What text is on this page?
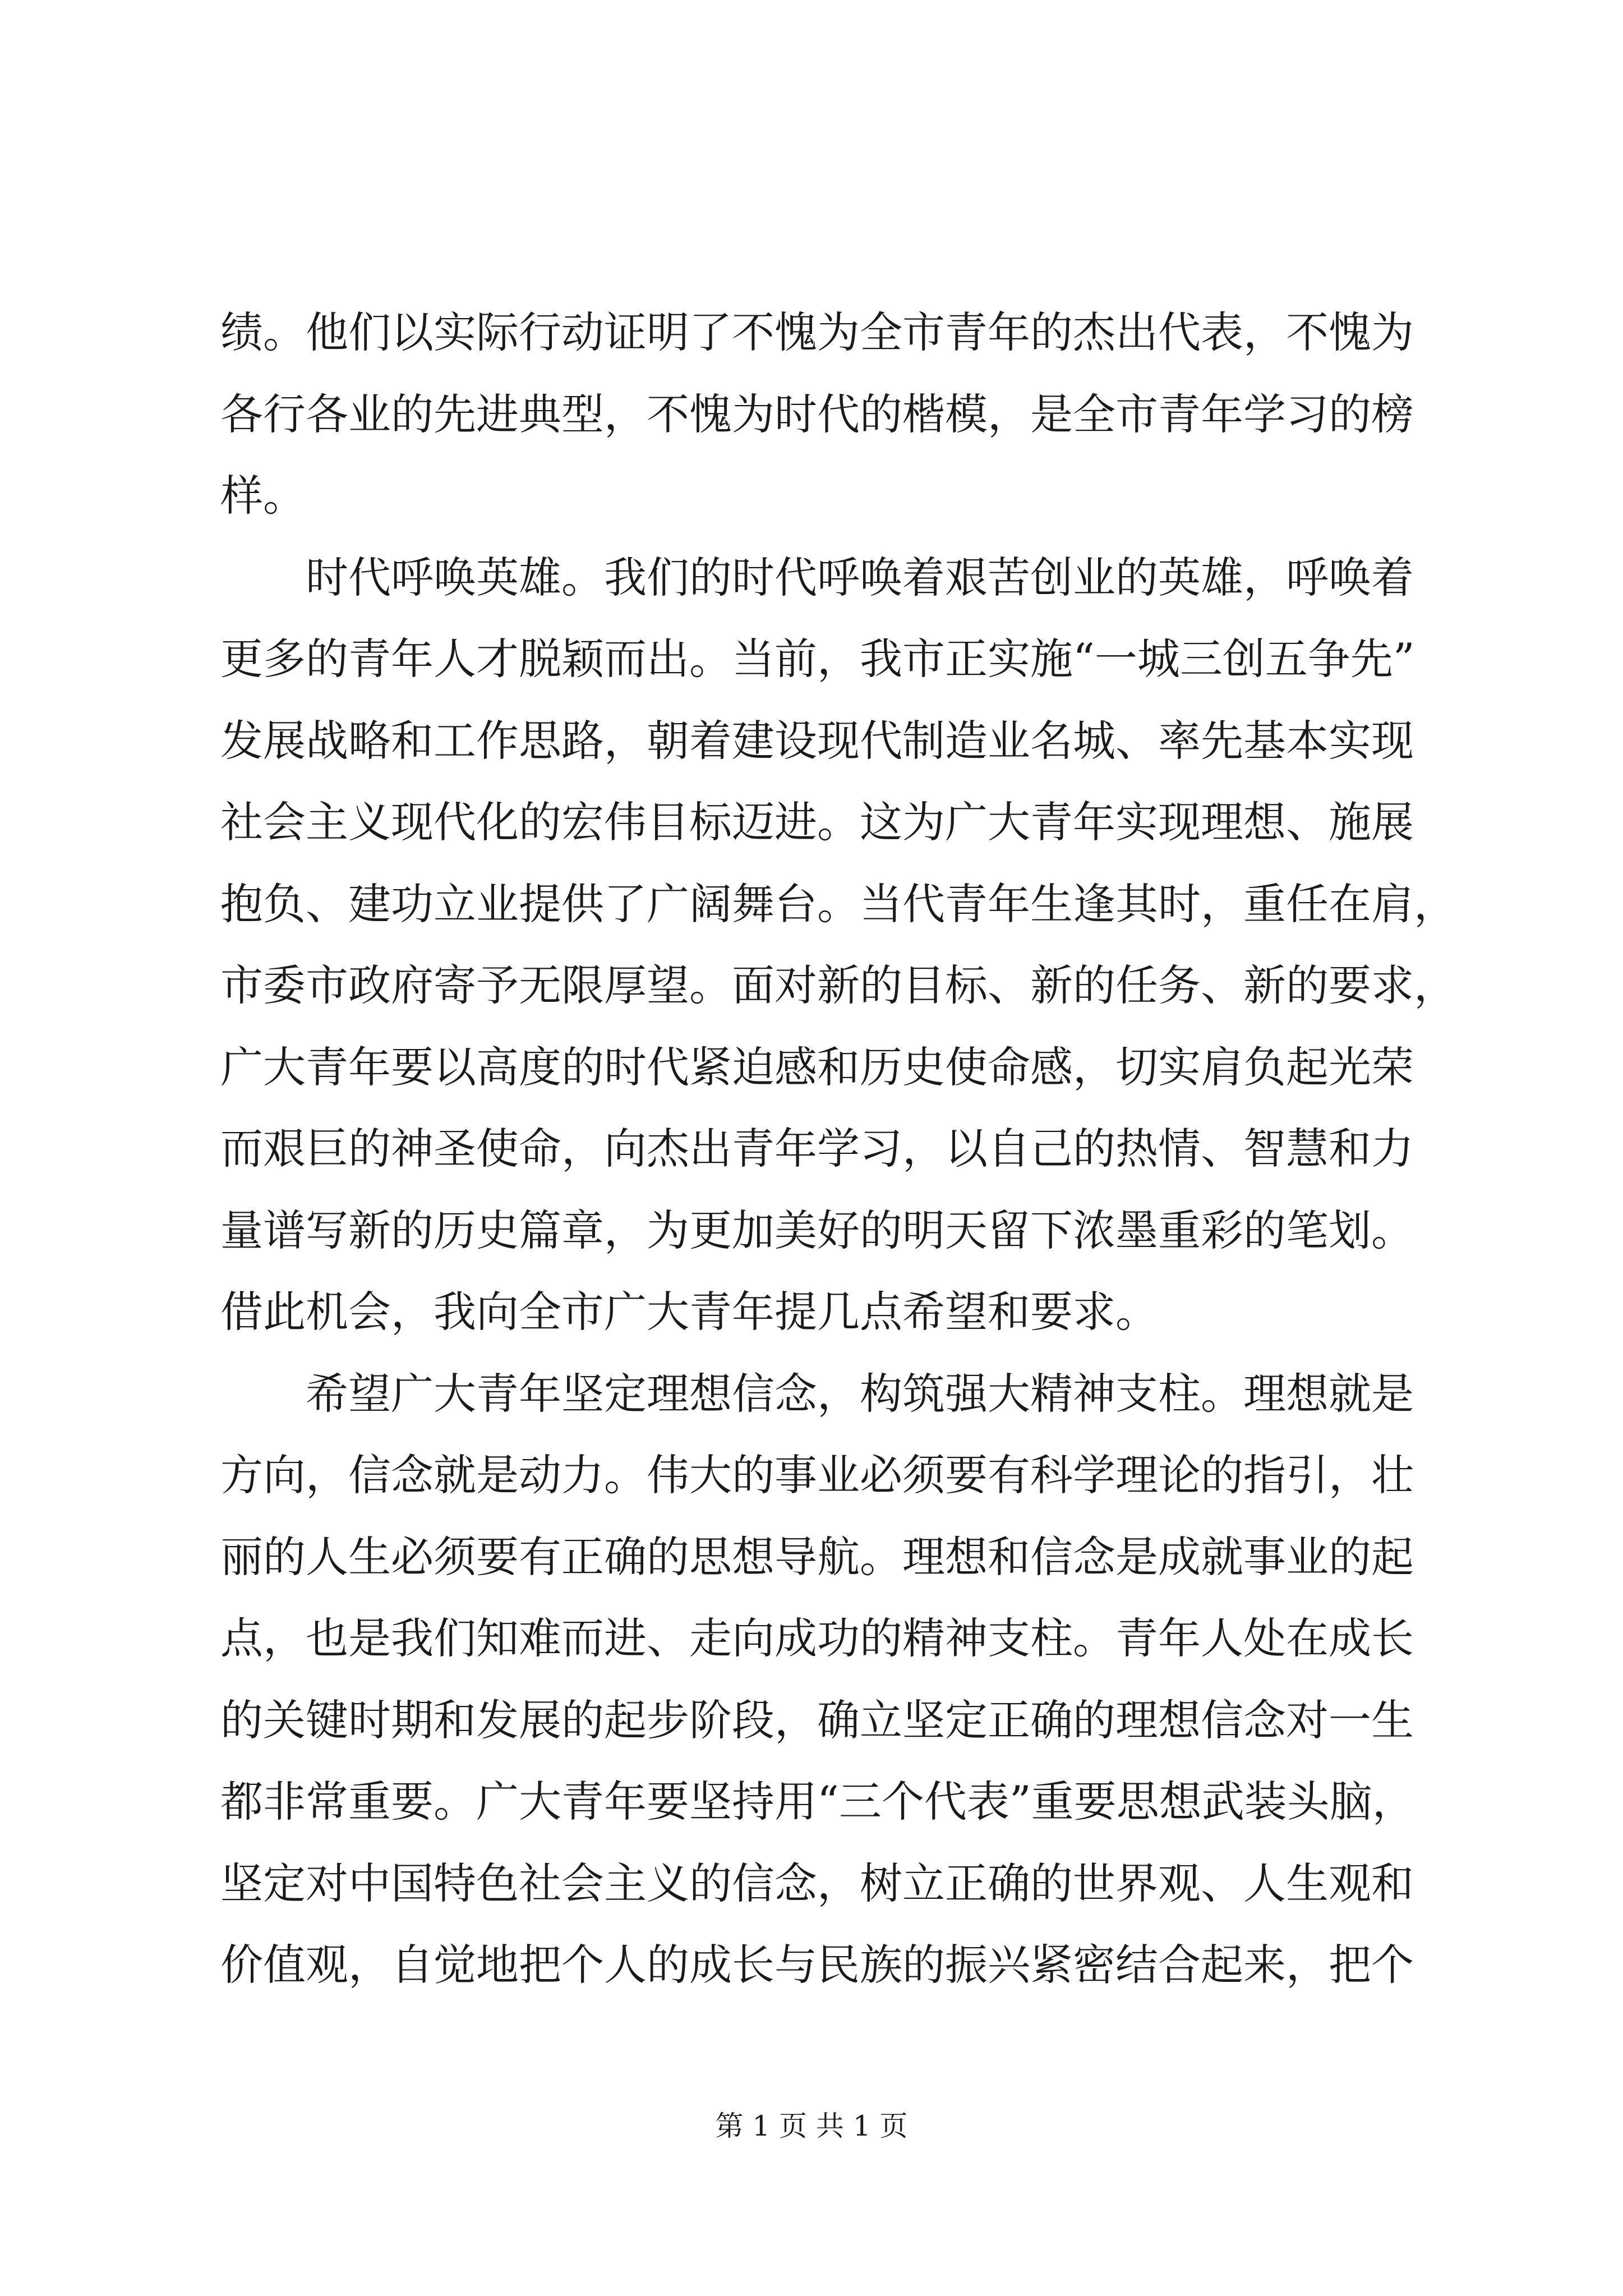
绩。他们以实际行动证明了不愧为全市青年的杰出代表，不愧为
各行各业的先进典型，不愧为时代的楷模，是全市青年学习的榜
样。
　　时代呼唤英雄。我们的时代呼唤着艰苦创业的英雄，呼唤着
更多的青年人才脱颖而出。当前，我市正实施“一城三创五争先”
发展战略和工作思路，朝着建设现代制造业名城、率先基本实现
社会主义现代化的宏伟目标迈进。这为广大青年实现理想、施展
抱负、建功立业提供了广阔舞台。当代青年生逢其时，重任在肩，
市委市政府寄予无限厚望。面对新的目标、新的任务、新的要求，
广大青年要以高度的时代紧迫感和历史使命感，切实肩负起光荣
而艰巨的神圣使命，向杰出青年学习，以自己的热情、智慧和力
量谱写新的历史篇章，为更加美好的明天留下浓墨重彩的笔划。
借此机会，我向全市广大青年提几点希望和要求。
　　希望广大青年坚定理想信念，构筑强大精神支柱。理想就是
方向，信念就是动力。伟大的事业必须要有科学理论的指引，壮
丽的人生必须要有正确的思想导航。理想和信念是成就事业的起
点，也是我们知难而进、走向成功的精神支柱。青年人处在成长
的关键时期和发展的起步阶段，确立坚定正确的理想信念对一生
都非常重要。广大青年要坚持用“三个代表”重要思想武装头脑，
坚定对中国特色社会主义的信念，树立正确的世界观、人生观和
价值观，自觉地把个人的成长与民族的振兴紧密结合起来，把个
第 1 页 共 1 页
